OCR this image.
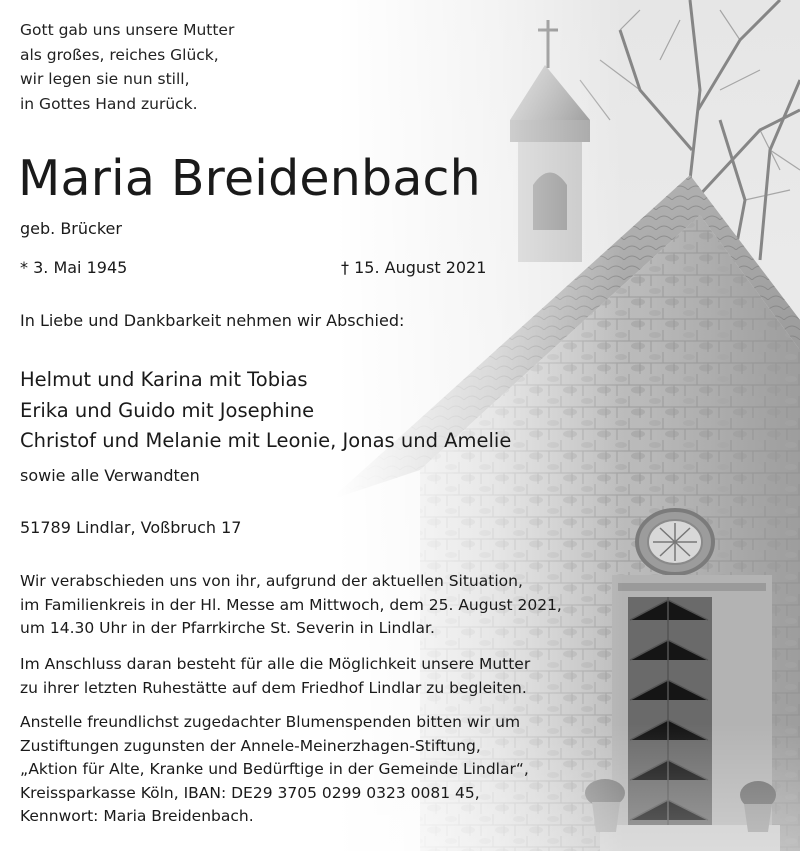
Gott gab uns unsere Mutter
als großes, reiches Glück,
wir legen sie nun still,
in Gottes Hand zurück.
Maria Breidenbach
geb. Brücker
* 3. Mai 1945	† 15. August 2021
In Liebe und Dankbarkeit nehmen wir Abschied:
Helmut und Karina mit Tobias
Erika und Guido mit Josephine
Christof und Melanie mit Leonie, Jonas und Amelie
sowie alle Verwandten
51789 Lindlar, Voßbruch 17
Wir verabschieden uns von ihr, aufgrund der aktuellen Situation,
im Familienkreis in der Hl. Messe am Mittwoch, dem 25. August 2021,
um 14.30 Uhr in der Pfarrkirche St. Severin in Lindlar.
Im Anschluss daran besteht für alle die Möglichkeit unsere Mutter
zu ihrer letzten Ruhestätte auf dem Friedhof Lindlar zu begleiten.
Anstelle freundlichst zugedachter Blumenspenden bitten wir um
Zustiftungen zugunsten der Annele-Meinerzhagen-Stiftung,
„Aktion für Alte, Kranke und Bedürftige in der Gemeinde Lindlar“,
Kreissparkasse Köln, IBAN: DE29 3705 0299 0323 0081 45,
Kennwort: Maria Breidenbach.
